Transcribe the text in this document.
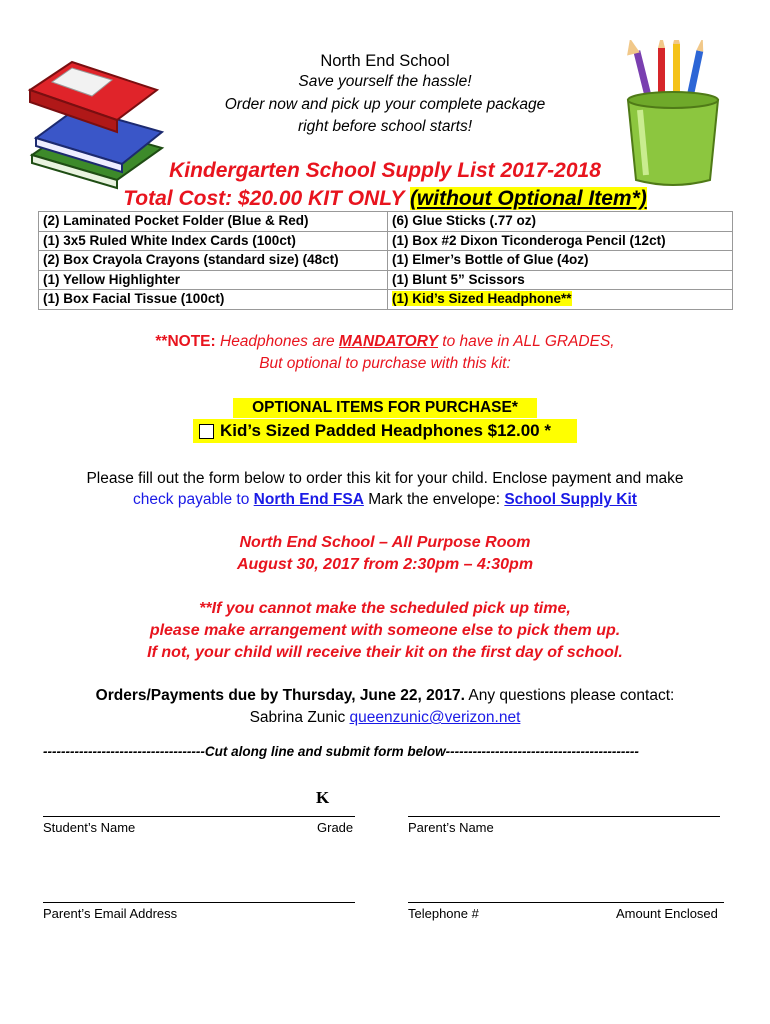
North End School
Save yourself the hassle!
Order now and pick up your complete package
right before school starts!
Kindergarten School Supply List 2017-2018
Total Cost: $20.00 KIT ONLY (without Optional Item*)
(2) Laminated Pocket Folder (Blue & Red)	(6) Glue Sticks (.77 oz)
(1) 3x5 Ruled White Index Cards (100ct)	(1) Box #2 Dixon Ticonderoga Pencil (12ct)
(2) Box Crayola Crayons (standard size) (48ct)	(1) Elmer’s Bottle of Glue (4oz)
(1) Yellow Highlighter	(1) Blunt 5” Scissors
(1) Box Facial Tissue (100ct)	(1) Kid’s Sized Headphone**
**NOTE: Headphones are MANDATORY to have in ALL GRADES,
But optional to purchase with this kit:
OPTIONAL ITEMS FOR PURCHASE*
Kid’s Sized Padded Headphones $12.00 *
Please fill out the form below to order this kit for your child. Enclose payment and make
check payable to North End FSA Mark the envelope: School Supply Kit
North End School – All Purpose Room
August 30, 2017 from 2:30pm – 4:30pm
**If you cannot make the scheduled pick up time,
please make arrangement with someone else to pick them up.
If not, your child will receive their kit on the first day of school.
Orders/Payments due by Thursday, June 22, 2017. Any questions please contact:
Sabrina Zunic queenzunic@verizon.net
------------------------------------Cut along line and submit form below-------------------------------------------
K
Student’s Name	Grade	Parent’s Name
Parent’s Email Address	Telephone #	Amount Enclosed
